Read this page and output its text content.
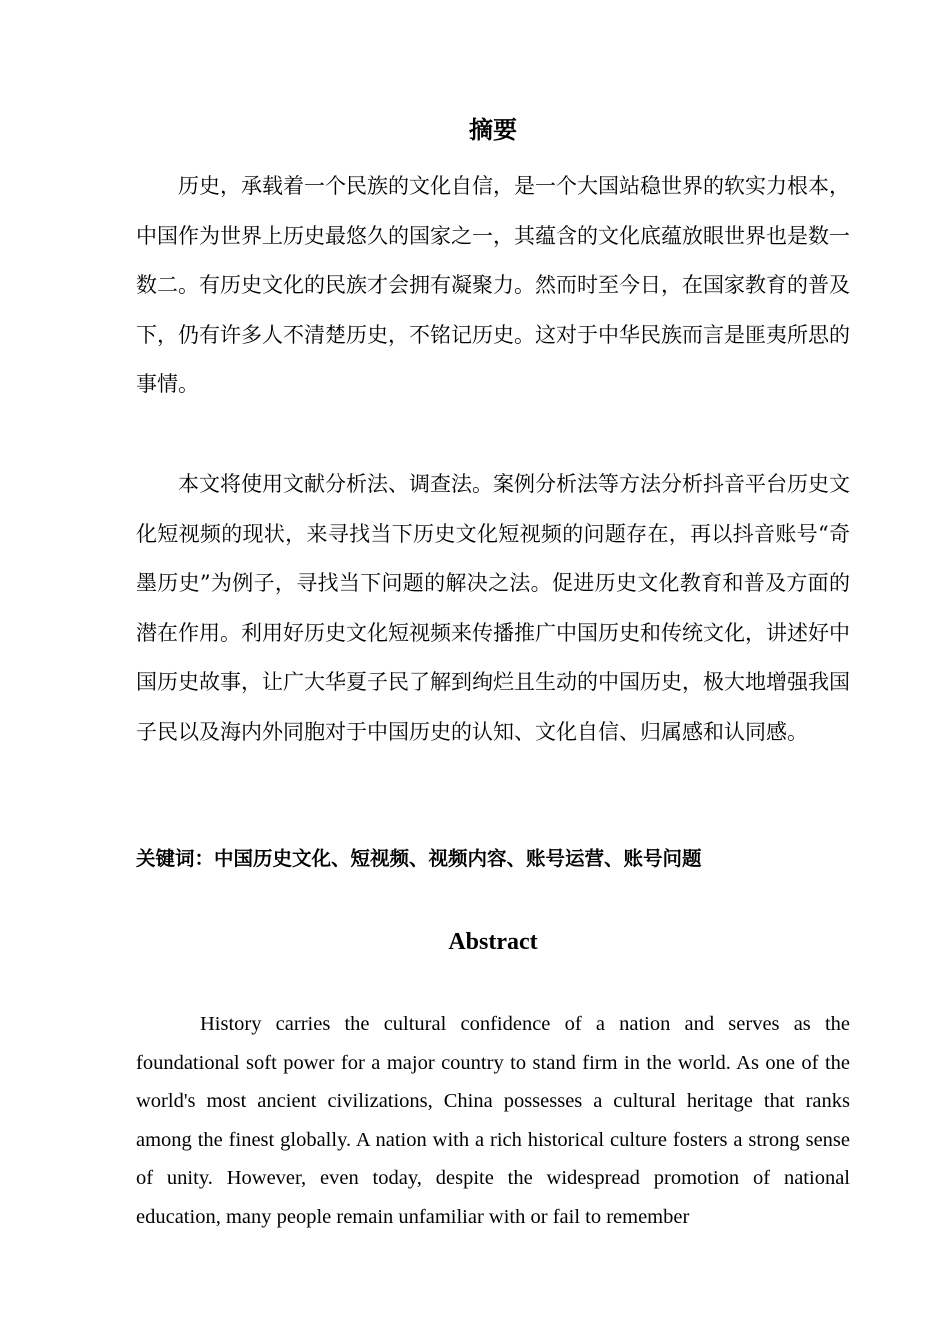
摘要

历史，承载着一个民族的文化自信，是一个大国站稳世界的软实力根本，中国作为世界上历史最悠久的国家之一，其蕴含的文化底蕴放眼世界也是数一数二。有历史文化的民族才会拥有凝聚力。然而时至今日，在国家教育的普及下，仍有许多人不清楚历史，不铭记历史。这对于中华民族而言是匪夷所思的事情。

本文将使用文献分析法、调查法。案例分析法等方法分析抖音平台历史文化短视频的现状，来寻找当下历史文化短视频的问题存在，再以抖音账号“奇墨历史”为例子，寻找当下问题的解决之法。促进历史文化教育和普及方面的潜在作用。利用好历史文化短视频来传播推广中国历史和传统文化，讲述好中国历史故事，让广大华夏子民了解到绚烂且生动的中国历史，极大地增强我国子民以及海内外同胞对于中国历史的认知、文化自信、归属感和认同感。

关键词：中国历史文化、短视频、视频内容、账号运营、账号问题
Abstract

History carries the cultural confidence of a nation and serves as the foundational soft power for a major country to stand firm in the world. As one of the world's most ancient civilizations, China possesses a cultural heritage that ranks among the finest globally. A nation with a rich historical culture fosters a strong sense of unity. However, even today, despite the widespread promotion of national education, many people remain unfamiliar with or fail to remember
